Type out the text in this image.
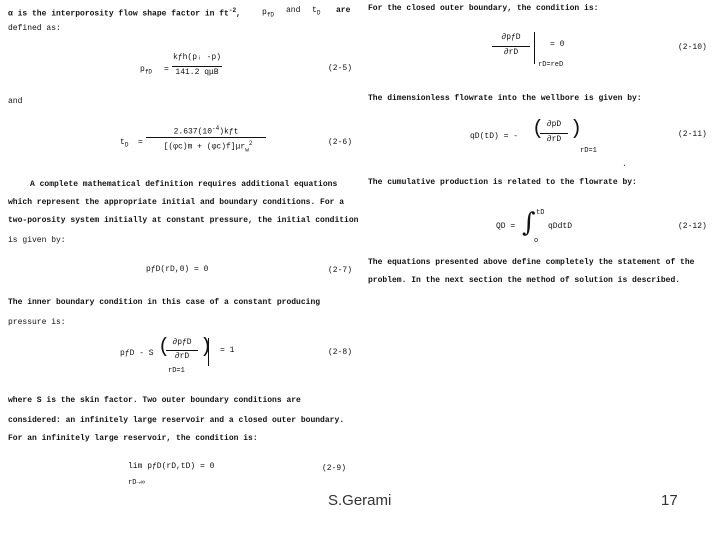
α is the interporosity flow shape factor in $ft^{-2}$,	$p_{fD}$
and $t_D$ are
defined as:
$p_{fD}$ =
kƒh(pᵢ -p)
141.2 qμB	(2-5)
and
$t_D$ =
$2.637(10^{-4})kƒt$
$[(\varphi c)m + (\varphi c)f]\mu r_w^2$	(2-6)
A complete mathematical definition requires additional equations
which represent the appropriate initial and boundary conditions. For a
two-porosity system initially at constant pressure, the initial condition
is given by:
pƒD(rD,0) = 0	(2-7)
The inner boundary condition in this case of a constant producing
pressure is:
pƒD - S ( ∂pƒD
∂rD )
rD=1
= 1	(2-8)
where S is the skin factor. Two outer boundary conditions are
considered: an infinitely large reservoir and a closed outer boundary.
For an infinitely large reservoir, the condition is:
lim pƒD(rD,tD) = 0
rD→∞
(2-9)
For the closed outer boundary, the condition is:
∂pƒD
∂rD
rD=reD
= 0	(2-10)
The dimensionless flowrate into the wellbore is given by:
qD(tD) = - ( ∂pD
∂rD )
rD=1
(2-11)
.
The cumulative production is related to the flowrate by:
QD = ∫ tD
o
qDdtD	(2-12)
The equations presented above define completely the statement of the
problem. In the next section the method of solution is described.
S.Gerami	17
